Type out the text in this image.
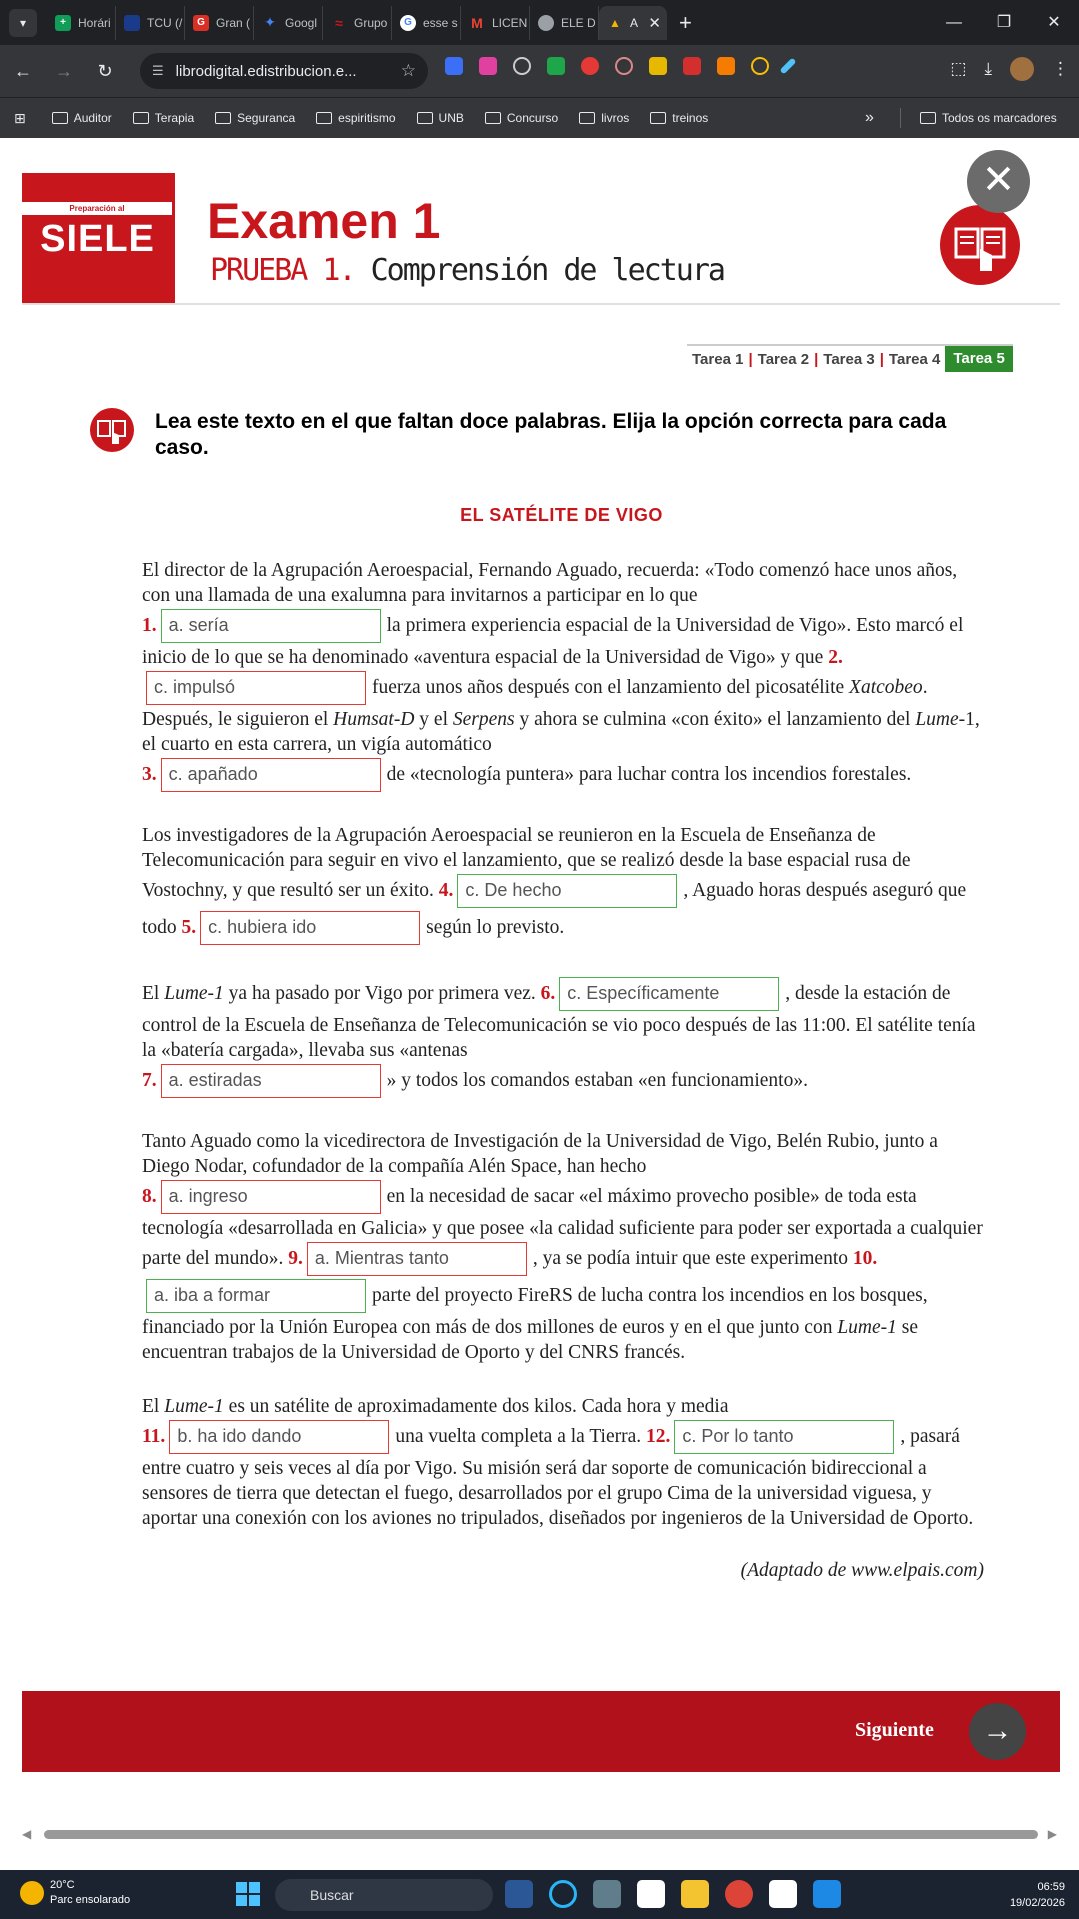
▾	+	Horári	TCU (/	G Gran ( ✦ Googl ≈ Grupo	G esse s M LICEN	ELE D ▲ A ✕ +	—	❐	✕
←	→	↻	☰ librodigital.edistribucion.e...	☆	⬚ ⤓	⋮
⊞	Auditor	Terapia	Seguranca	espiritismo	UNB	Concurso	livros	treinos	»	Todos os marcadores
Preparación al
SIELE	Examen 1
PRUEBA 1. Comprensión de lectura
✕
Tarea 1 | Tarea 2 | Tarea 3 | Tarea 4 Tarea 5
Lea este texto en el que faltan doce palabras. Elija la opción correcta para cada caso.
EL SATÉLITE DE VIGO

El director de la Agrupación Aeroespacial, Fernando Aguado, recuerda: «Todo comenzó hace unos años, con una llamada de una exalumna para invitarnos a participar en lo que
1. a. sería	la primera experiencia espacial de la Universidad de Vigo». Esto marcó el inicio de lo que se ha denominado «aventura espacial de la Universidad de Vigo» y que 2.c. impulsó	fuerza unos años después con el lanzamiento del picosatélite Xatcobeo. Después, le siguieron el Humsat-D y el Serpens y ahora se culmina «con éxito» el lanzamiento del Lume-1, el cuarto en esta carrera, un vigía automático
3. c. apañado	de «tecnología puntera» para luchar contra los incendios forestales.

Los investigadores de la Agrupación Aeroespacial se reunieron en la Escuela de Enseñanza de Telecomunicación para seguir en vivo el lanzamiento, que se realizó desde la base espacial rusa de Vostochny, y que resultó ser un éxito. 4. c. De hecho	, Aguado horas después aseguró que todo 5. c. hubiera ido	según lo previsto.

El Lume-1 ya ha pasado por Vigo por primera vez. 6. c. Específicamente	, desde la estación de control de la Escuela de Enseñanza de Telecomunicación se vio poco después de las 11:00. El satélite tenía la «batería cargada», llevaba sus «antenas
7. a. estiradas	» y todos los comandos estaban «en funcionamiento».

Tanto Aguado como la vicedirectora de Investigación de la Universidad de Vigo, Belén Rubio, junto a Diego Nodar, cofundador de la compañía Alén Space, han hecho
8. a. ingreso	en la necesidad de sacar «el máximo provecho posible» de toda esta tecnología «desarrollada en Galicia» y que posee «la calidad suficiente para poder ser exportada a cualquier parte del mundo». 9. a. Mientras tanto	, ya se podía intuir que este experimento 10.a. iba a formar	parte del proyecto FireRS de lucha contra los incendios en los bosques, financiado por la Unión Europea con más de dos millones de euros y en el que junto con Lume-1 se encuentran trabajos de la Universidad de Oporto y del CNRS francés.

El Lume-1 es un satélite de aproximadamente dos kilos. Cada hora y media
11. b. ha ido dando	una vuelta completa a la Tierra. 12. c. Por lo tanto	, pasará entre cuatro y seis veces al día por Vigo. Su misión será dar soporte de comunicación bidireccional a sensores de tierra que detectan el fuego, desarrollados por el grupo Cima de la universidad viguesa, y aportar una conexión con los aviones no tripulados, diseñados por ingenieros de la Universidad de Oporto.

(Adaptado de www.elpais.com)

Siguiente	→
◀	▶
20°C
Parc ensolarado	Buscar	06:59
19/02/2026
